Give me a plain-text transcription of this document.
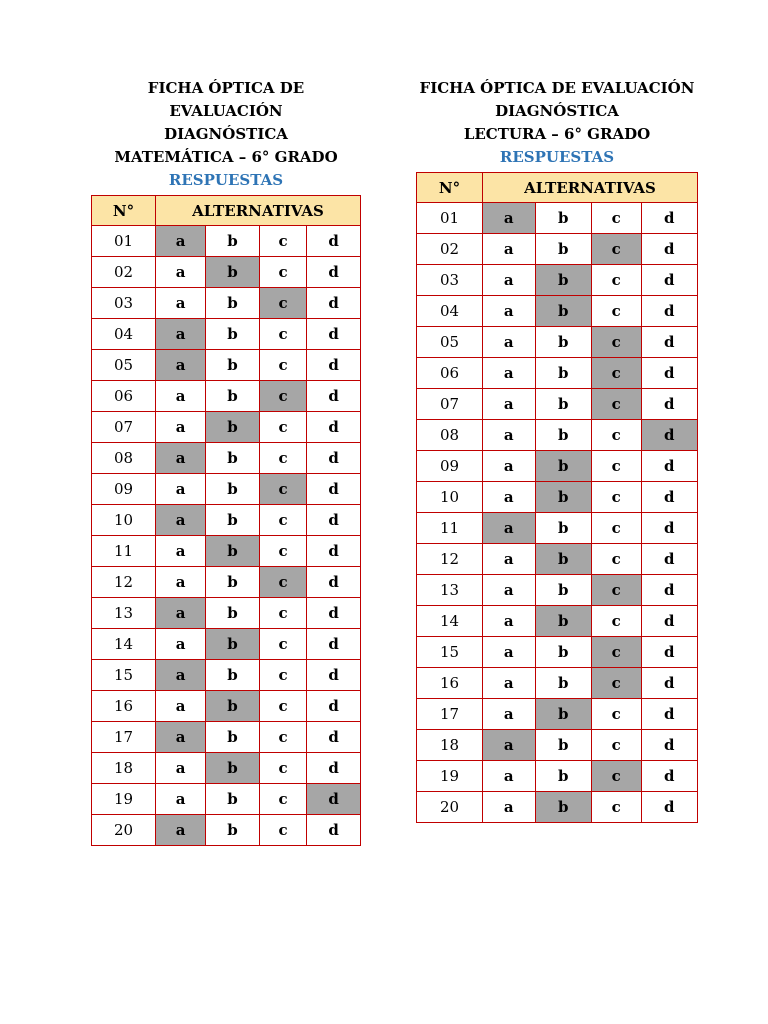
FICHA ÓPTICA DE EVALUACIÓN
DIAGNÓSTICA
MATEMÁTICA – 6° GRADO
RESPUESTAS
N°	ALTERNATIVAS			
01	a	b	c	d
02	a	b	c	d
03	a	b	c	d
04	a	b	c	d
05	a	b	c	d
06	a	b	c	d
07	a	b	c	d
08	a	b	c	d
09	a	b	c	d
10	a	b	c	d
11	a	b	c	d
12	a	b	c	d
13	a	b	c	d
14	a	b	c	d
15	a	b	c	d
16	a	b	c	d
17	a	b	c	d
18	a	b	c	d
19	a	b	c	d
20	a	b	c	d
FICHA ÓPTICA DE EVALUACIÓN
DIAGNÓSTICA
LECTURA – 6° GRADO
RESPUESTAS
N°	ALTERNATIVAS			
01	a	b	c	d
02	a	b	c	d
03	a	b	c	d
04	a	b	c	d
05	a	b	c	d
06	a	b	c	d
07	a	b	c	d
08	a	b	c	d
09	a	b	c	d
10	a	b	c	d
11	a	b	c	d
12	a	b	c	d
13	a	b	c	d
14	a	b	c	d
15	a	b	c	d
16	a	b	c	d
17	a	b	c	d
18	a	b	c	d
19	a	b	c	d
20	a	b	c	d
